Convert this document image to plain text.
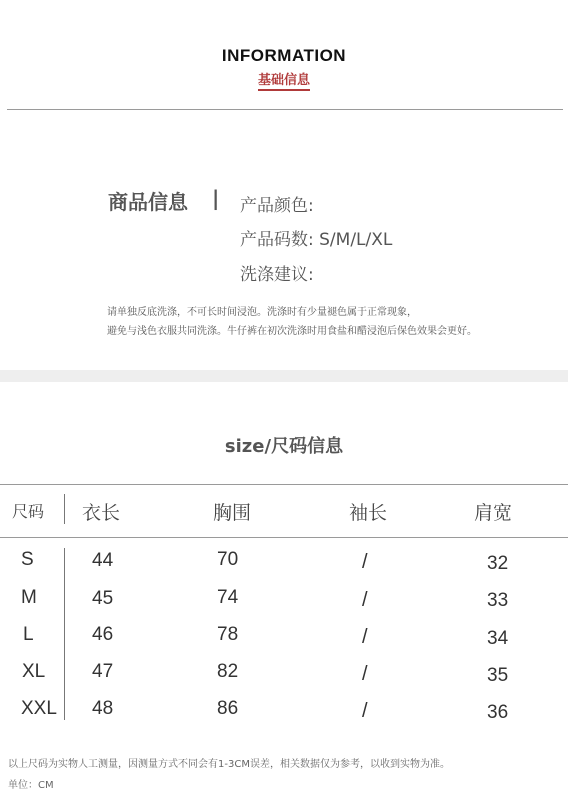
INFORMATION
基础信息
商品信息 | 产品颜色:
产品码数: S/M/L/XL
洗涤建议:
请单独反底洗涤，不可长时间浸泡。洗涤时有少量褪色属于正常现象，
避免与浅色衣服共同洗涤。牛仔裤在初次洗涤时用食盐和醋浸泡后保色效果会更好。
size/尺码信息
尺码 衣长	胸围	袖长	肩宽
S	44	70	/	32
M	45	74	/	33
L	46	78	/	34
XL 47	82	/	35
XXL 48	86	/	36
以上尺码为实物人工测量，因测量方式不同会有1-3CM误差，相关数据仅为参考，以收到实物为准。
单位：CM
